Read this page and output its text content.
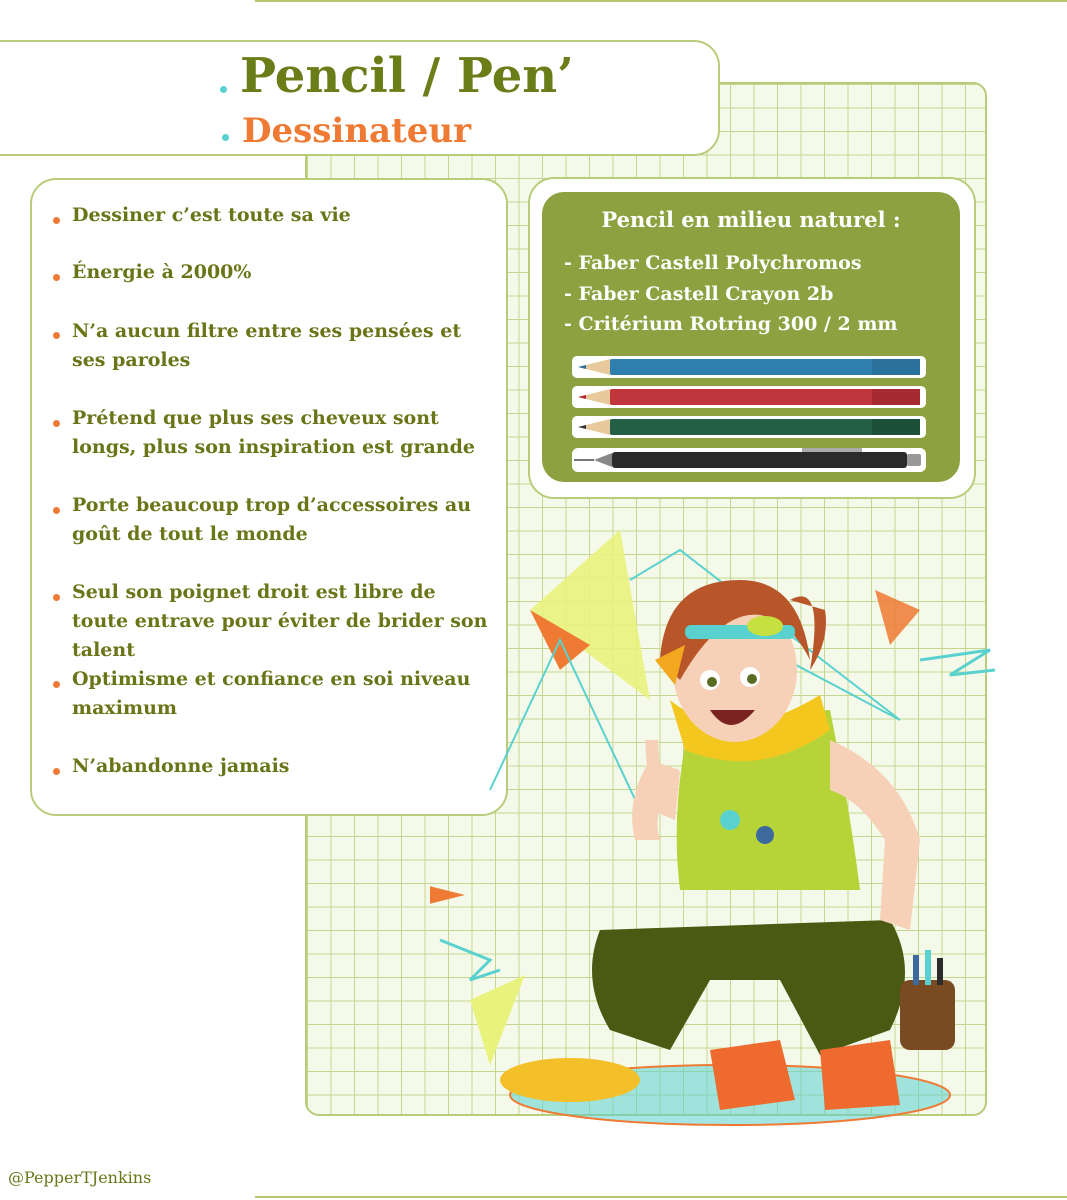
Pencil / Pen’
Dessinateur
Dessiner c’est toute sa vie
Énergie à 2000%
N’a aucun filtre entre ses pensées et ses paroles
Prétend que plus ses cheveux sont longs, plus son inspiration est grande
Porte beaucoup trop d’accessoires au goût de tout le monde
Seul son poignet droit est libre de toute entrave pour éviter de brider son talent
Optimisme et confiance en soi niveau maximum
N’abandonne jamais
Pencil en milieu naturel :
- Faber Castell Polychromos
- Faber Castell Crayon 2b
- Critérium Rotring 300 / 2 mm
@PepperTJenkins
